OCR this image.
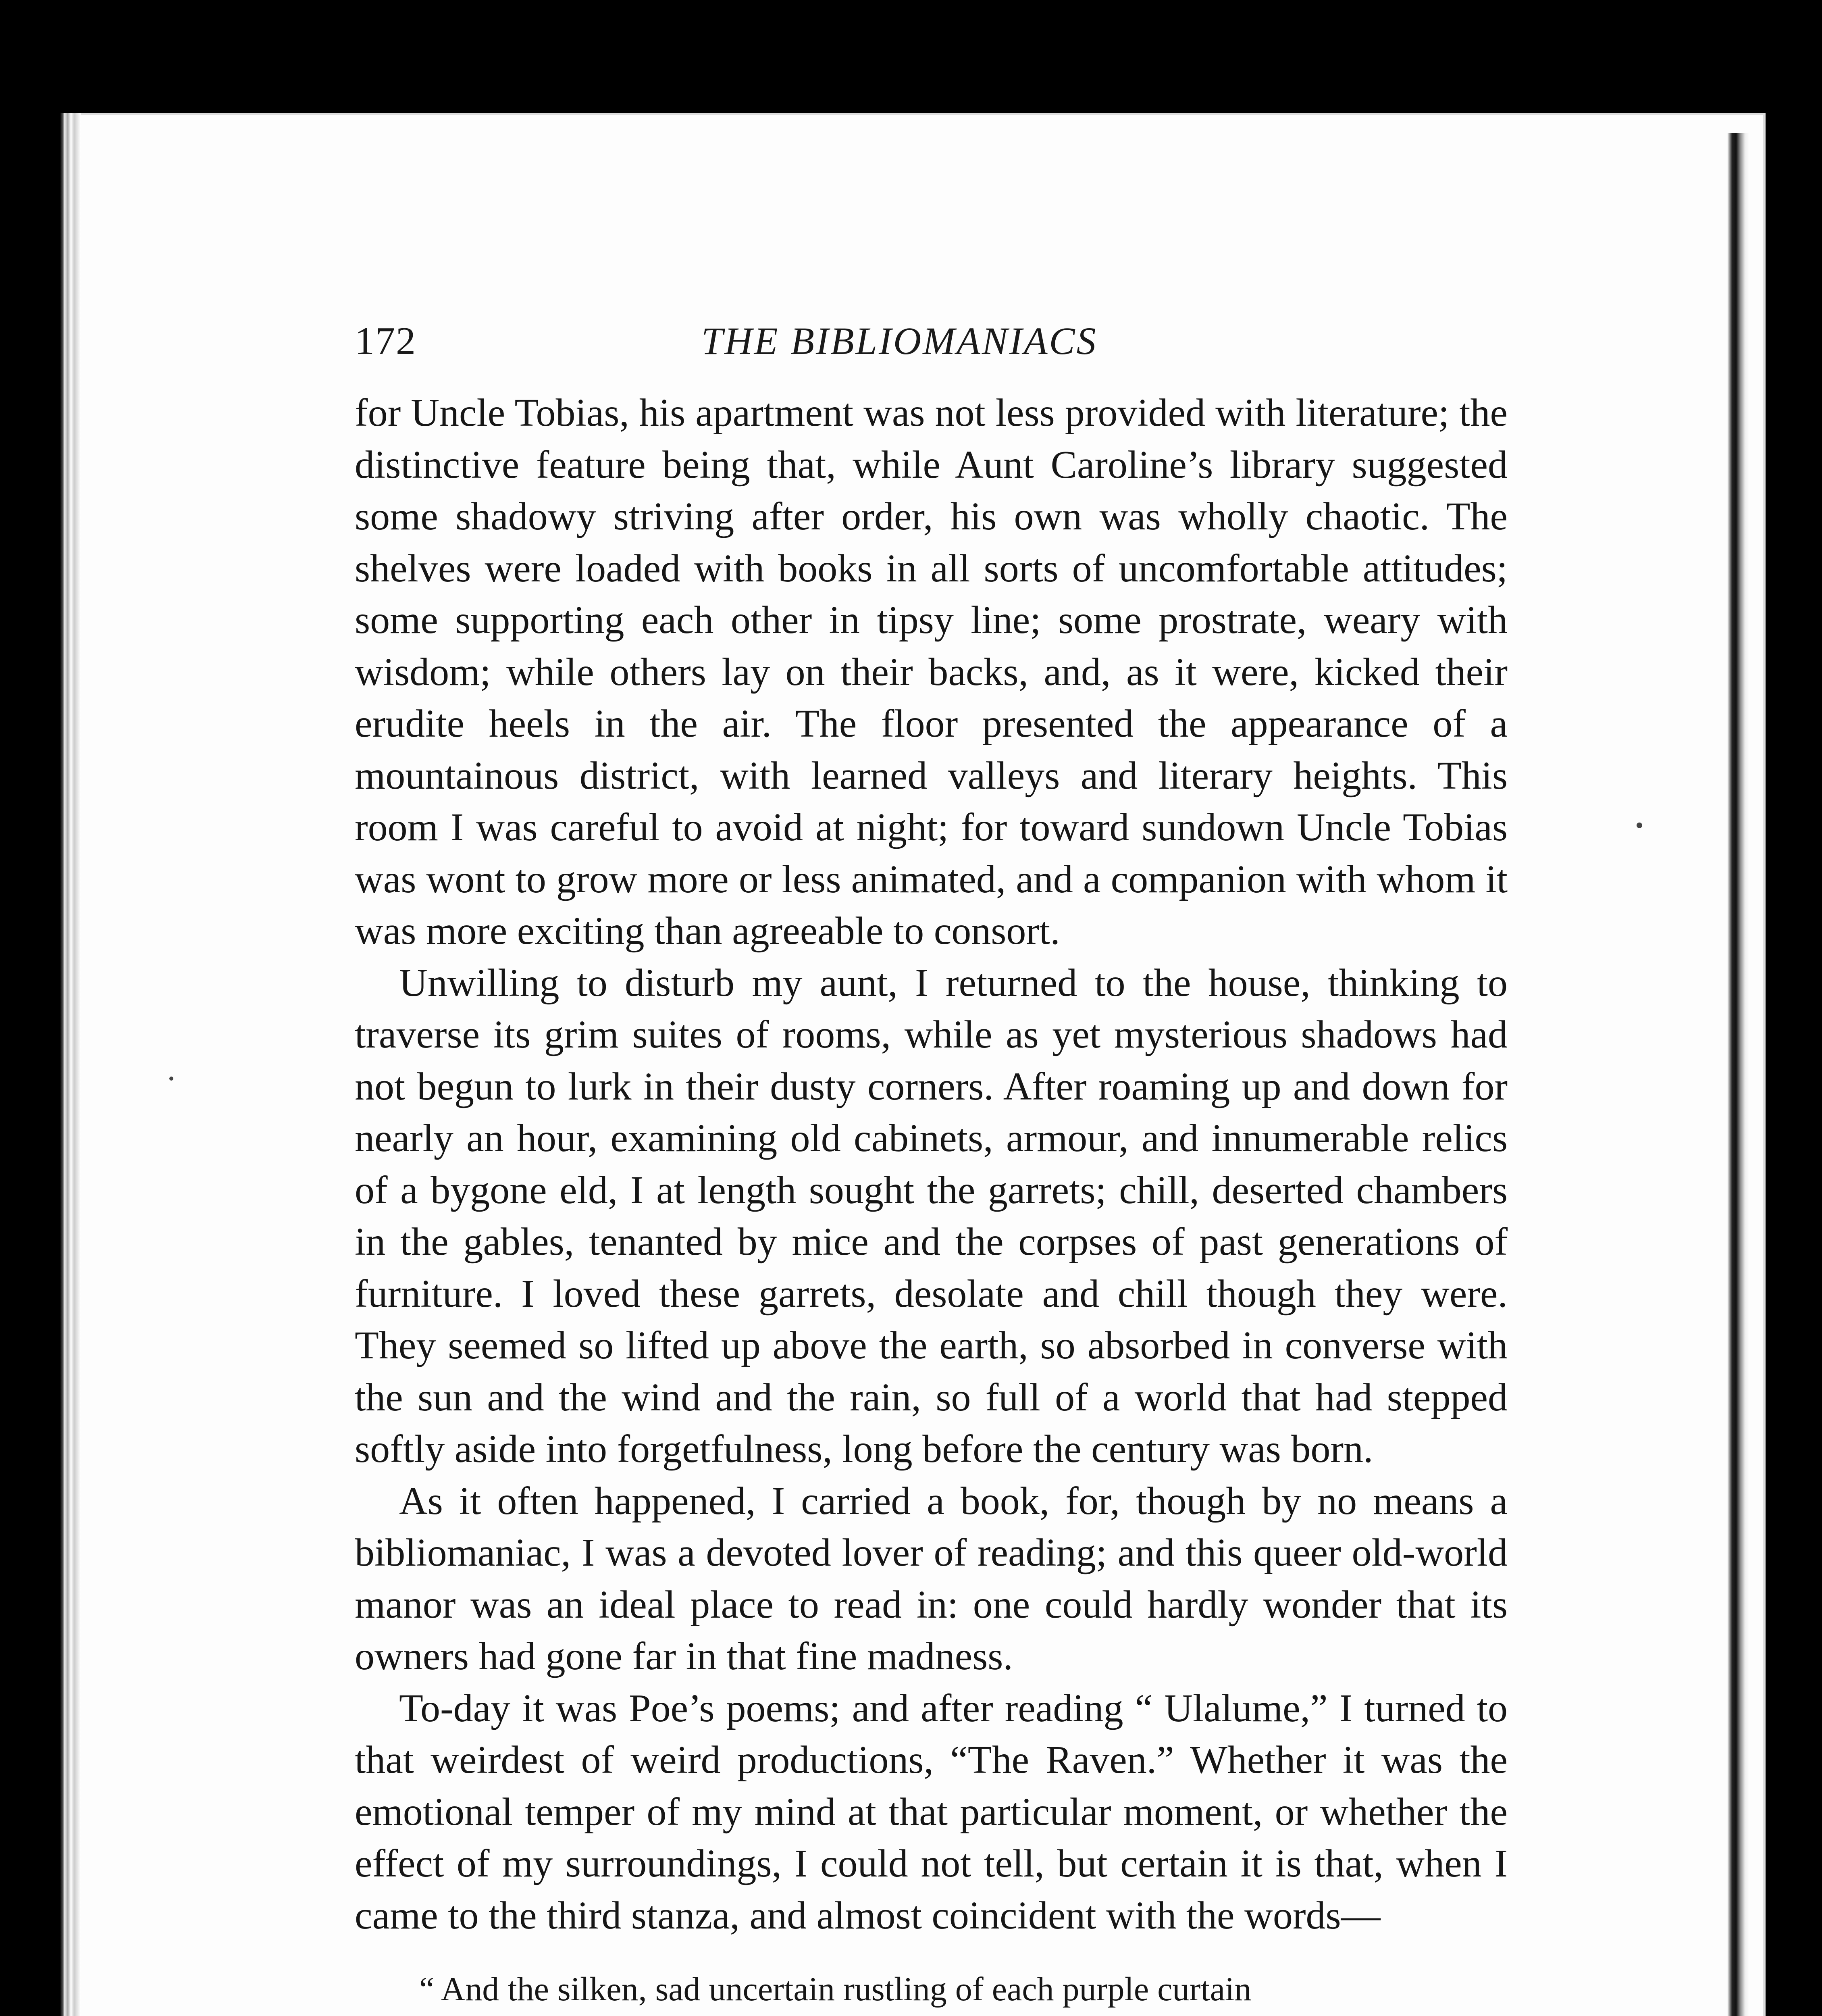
172	THE BIBLIOMANIACS

for Uncle Tobias, his apartment was not less provided with literature; the distinctive feature being that, while Aunt Caroline’s library suggested some shadowy striving after order, his own was wholly chaotic. The shelves were loaded with books in all sorts of uncomfortable attitudes; some supporting each other in tipsy line; some prostrate, weary with wisdom; while others lay on their backs, and, as it were, kicked their erudite heels in the air. The floor presented the appearance of a mountainous district, with learned valleys and literary heights. This room I was careful to avoid at night; for toward sundown Uncle Tobias was wont to grow more or less animated, and a companion with whom it was more exciting than agreeable to consort.

Unwilling to disturb my aunt, I returned to the house, thinking to traverse its grim suites of rooms, while as yet mysterious shadows had not begun to lurk in their dusty corners. After roaming up and down for nearly an hour, examining old cabinets, armour, and innumerable relics of a bygone eld, I at length sought the garrets; chill, deserted chambers in the gables, tenanted by mice and the corpses of past generations of furniture. I loved these garrets, desolate and chill though they were. They seemed so lifted up above the earth, so absorbed in converse with the sun and the wind and the rain, so full of a world that had stepped softly aside into forgetfulness, long before the century was born.

As it often happened, I carried a book, for, though by no means a bibliomaniac, I was a devoted lover of reading; and this queer old-world manor was an ideal place to read in: one could hardly wonder that its owners had gone far in that fine madness.

To-day it was Poe’s poems; and after reading “ Ulalume,” I turned to that weirdest of weird productions, “The Raven.” Whether it was the emotional temper of my mind at that particular moment, or whether the effect of my surroundings, I could not tell, but certain it is that, when I came to the third stanza, and almost coincident with the words—

“ And the silken, sad uncertain rustling of each purple curtain
